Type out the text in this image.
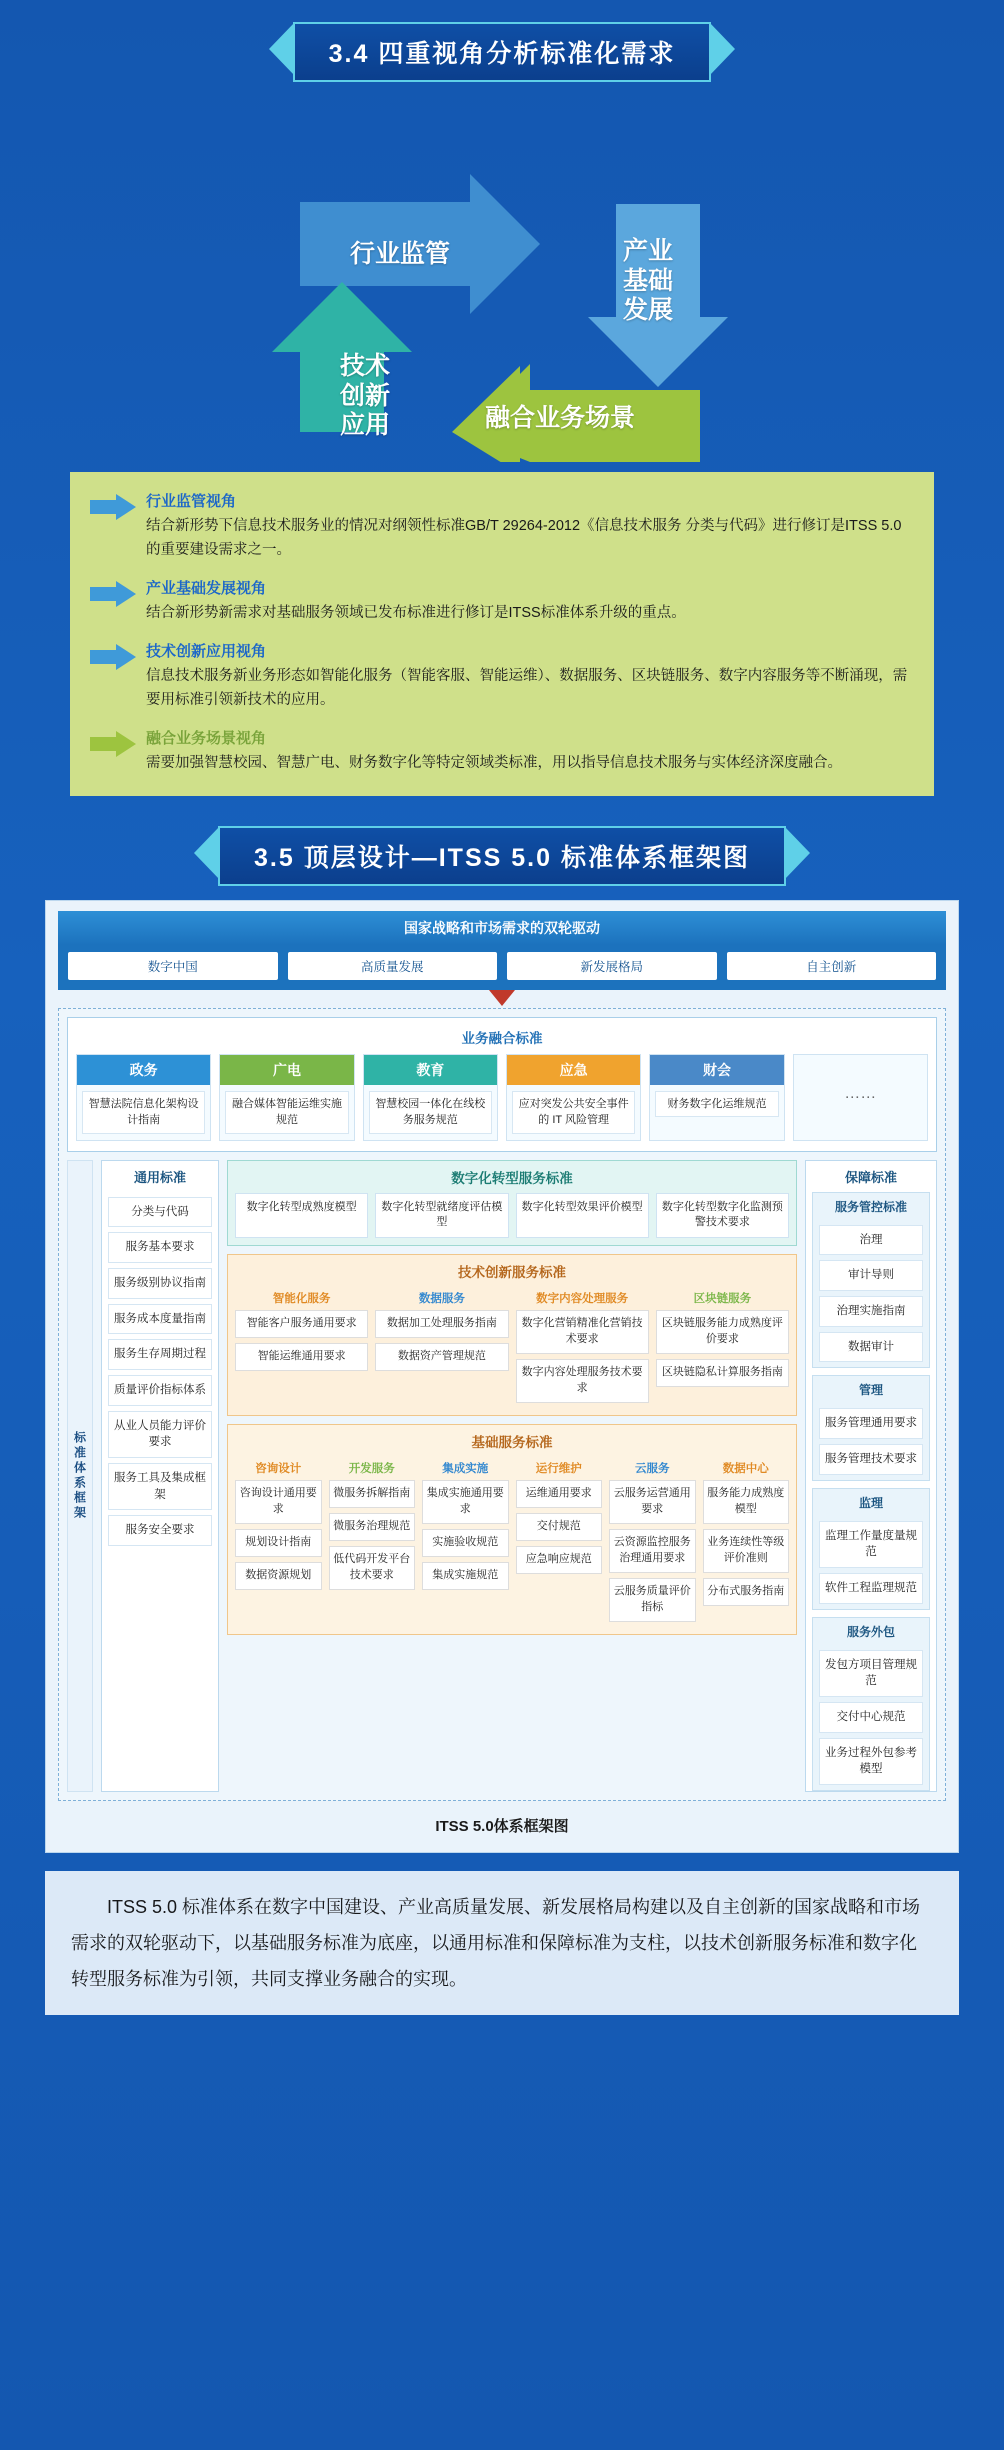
3.4 四重视角分析标准化需求
行业监管	产业
基础
发展
技术
创新
应用	融合业务场景
行业监管视角
结合新形势下信息技术服务业的情况对纲领性标准GB/T 29264-2012《信息技术服务 分类与代码》进行修订是ITSS 5.0的重要建设需求之一。
产业基础发展视角
结合新形势新需求对基础服务领域已发布标准进行修订是ITSS标准体系升级的重点。
技术创新应用视角
信息技术服务新业务形态如智能化服务（智能客服、智能运维）、数据服务、区块链服务、数字内容服务等不断涌现，需要用标准引领新技术的应用。
融合业务场景视角
需要加强智慧校园、智慧广电、财务数字化等特定领域类标准，用以指导信息技术服务与实体经济深度融合。
3.5 顶层设计—ITSS 5.0 标准体系框架图
国家战略和市场需求的双轮驱动
数字中国	高质量发展	新发展格局	自主创新
业务融合标准
政务
智慧法院信息化架构设计指南
广电
融合媒体智能运维实施规范
教育
智慧校园一体化在线校务服务规范
应急
应对突发公共安全事件的 IT 风险管理
财会
财务数字化运维规范
……
标准体系框架
通用标准
分类与代码
服务基本要求
服务级别协议指南
服务成本度量指南
服务生存周期过程
质量评价指标体系
从业人员能力评价要求
服务工具及集成框架
服务安全要求
数字化转型服务标准
数字化转型成熟度模型	数字化转型就绪度评估模型
数字化转型效果评价模型	数字化转型数字化监测预警技术要求
技术创新服务标准
智能化服务
智能客户服务通用要求
智能运维通用要求
数据服务
数据加工处理服务指南
数据资产管理规范
数字内容处理服务
数字化营销精准化营销技术要求
数字内容处理服务技术要求
区块链服务
区块链服务能力成熟度评价要求
区块链隐私计算服务指南
基础服务标准
咨询设计
咨询设计通用要求
规划设计指南
数据资源规划
开发服务
微服务拆解指南
微服务治理规范
低代码开发平台技术要求
集成实施
集成实施通用要求
实施验收规范
集成实施规范
运行维护
运维通用要求
交付规范
应急响应规范
云服务
云服务运营通用要求
云资源监控服务治理通用要求
云服务质量评价指标
数据中心
服务能力成熟度模型
业务连续性等级评价准则
分布式服务指南
保障标准
服务管控标准
治理
审计导则
治理实施指南
数据审计
管理
服务管理通用要求
服务管理技术要求
监理
监理工作量度量规范
软件工程监理规范
服务外包
发包方项目管理规范
交付中心规范
业务过程外包参考模型
ITSS 5.0体系框架图

ITSS 5.0 标准体系在数字中国建设、产业高质量发展、新发展格局构建以及自主创新的国家战略和市场需求的双轮驱动下，以基础服务标准为底座，以通用标准和保障标准为支柱，以技术创新服务标准和数字化转型服务标准为引领，共同支撑业务融合的实现。
